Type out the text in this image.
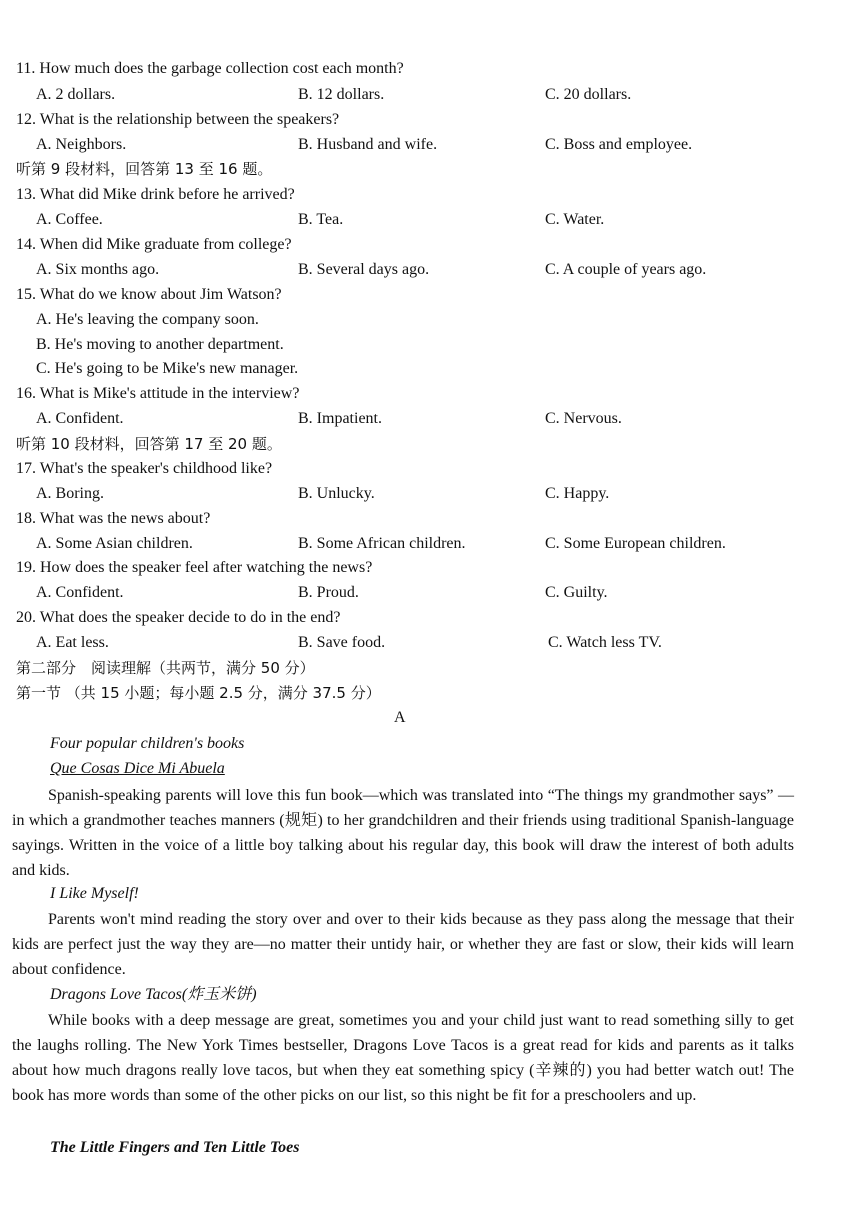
11. How much does the garbage collection cost each month?
A. 2 dollars.	B. 12 dollars.	C. 20 dollars.
12. What is the relationship between the speakers?
A. Neighbors.	B. Husband and wife.	C. Boss and employee.
听第 9 段材料，回答第 13 至 16 题。
13. What did Mike drink before he arrived?
A. Coffee.	B. Tea.	C. Water.
14. When did Mike graduate from college?
A. Six months ago.	B. Several days ago.	C. A couple of years ago.
15. What do we know about Jim Watson?
A. He's leaving the company soon.
B. He's moving to another department.
C. He's going to be Mike's new manager.
16. What is Mike's attitude in the interview?
A. Confident.	B. Impatient.	C. Nervous.
听第 10 段材料，回答第 17 至 20 题。
17. What's the speaker's childhood like?
A. Boring.	B. Unlucky.	C. Happy.
18. What was the news about?
A. Some Asian children.	B. Some African children.	C. Some European children.
19. How does the speaker feel after watching the news?
A. Confident.	B. Proud.	C. Guilty.
20. What does the speaker decide to do in the end?
A. Eat less.	B. Save food.	C. Watch less TV.
第二部分　阅读理解（共两节，满分 50 分）
第一节 （共 15 小题；每小题 2.5 分，满分 37.5 分）
A
Four popular children's books
Que Cosas Dice Mi Abuela

Spanish-speaking parents will love this fun book—which was translated into “The things my grandmother says” —in which a grandmother teaches manners (规矩) to her grandchildren and their friends using traditional Spanish-language sayings. Written in the voice of a little boy talking about his regular day, this book will draw the interest of both adults and kids.

I Like Myself!

Parents won't mind reading the story over and over to their kids because as they pass along the message that their kids are perfect just the way they are—no matter their untidy hair, or whether they are fast or slow, their kids will learn about confidence.

Dragons Love Tacos(炸玉米饼)

While books with a deep message are great, sometimes you and your child just want to read something silly to get the laughs rolling. The New York Times bestseller, Dragons Love Tacos is a great read for kids and parents as it talks about how much dragons really love tacos, but when they eat something spicy (辛辣的) you had better watch out! The book has more words than some of the other picks on our list, so this night be fit for a preschoolers and up.

The Little Fingers and Ten Little Toes
